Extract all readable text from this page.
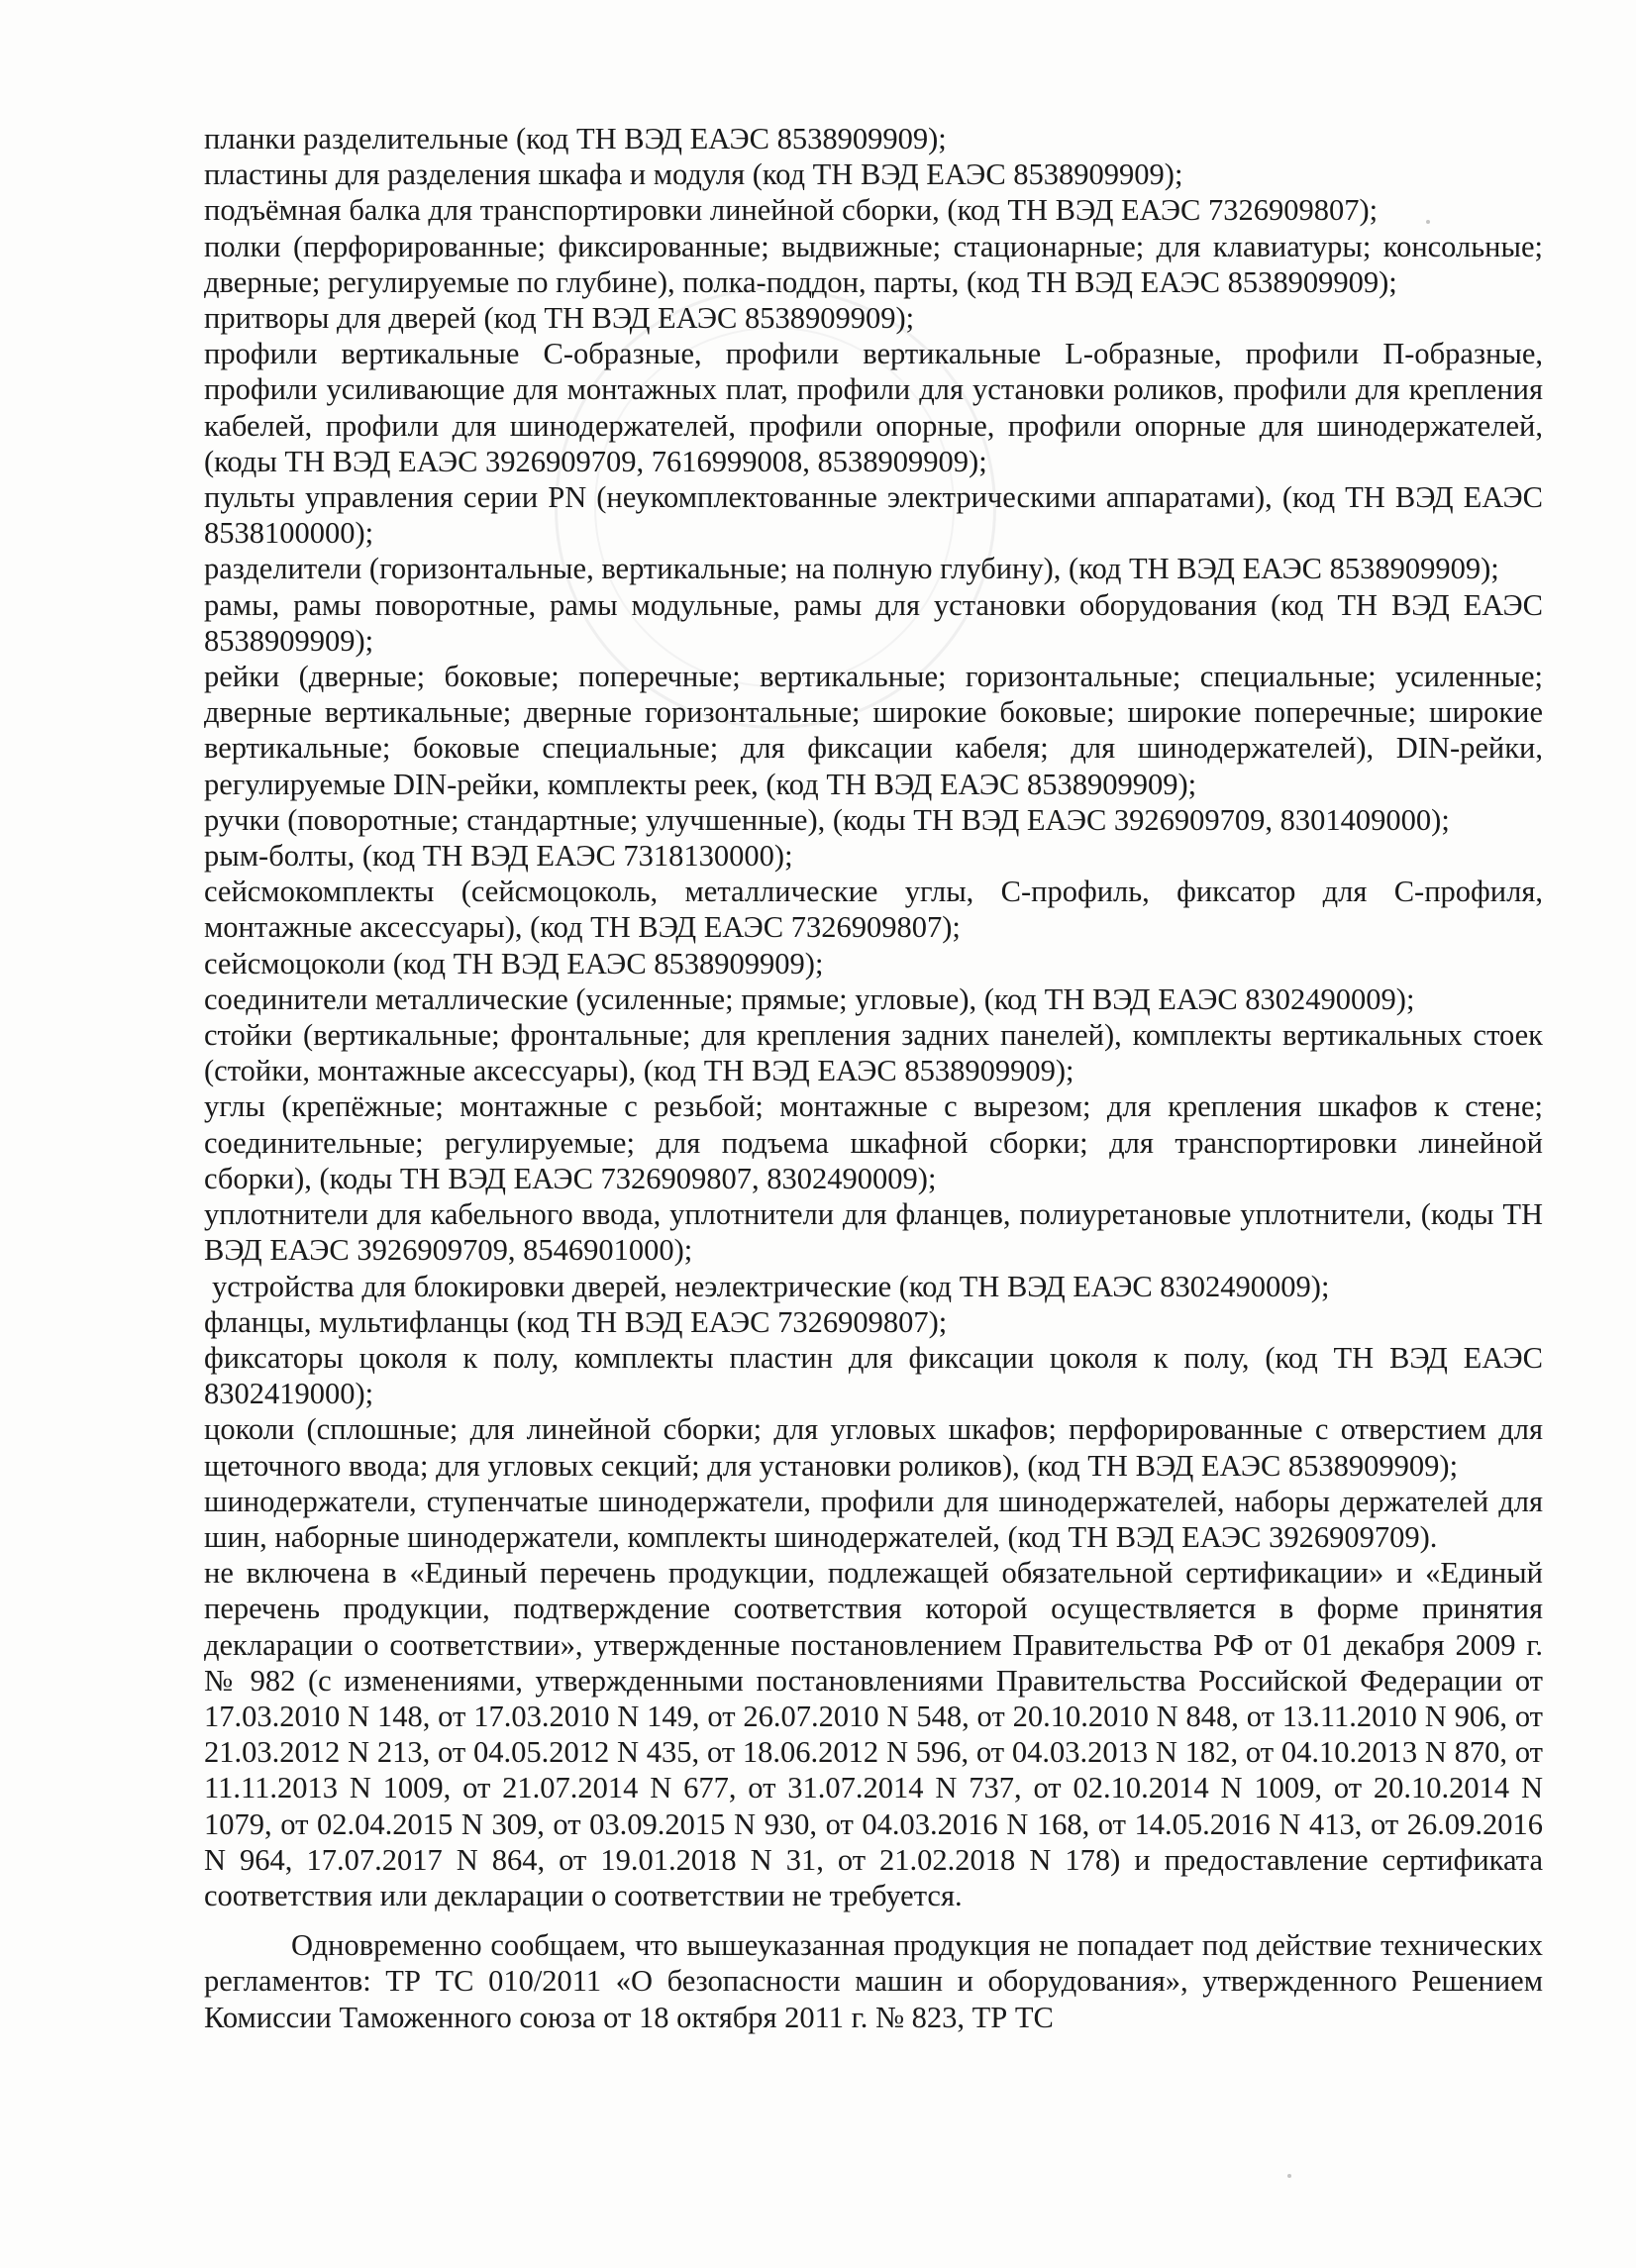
планки разделительные (код ТН ВЭД ЕАЭС 8538909909);

пластины для разделения шкафа и модуля (код ТН ВЭД ЕАЭС 8538909909);

подъёмная балка для транспортировки линейной сборки, (код ТН ВЭД ЕАЭС 7326909807);

полки (перфорированные; фиксированные; выдвижные; стационарные; для клавиатуры; консольные; дверные; регулируемые по глубине), полка-поддон, парты, (код ТН ВЭД ЕАЭС 8538909909);

притворы для дверей (код ТН ВЭД ЕАЭС 8538909909);

профили вертикальные C-образные, профили вертикальные L-образные, профили П-образные, профили усиливающие для монтажных плат, профили для установки роликов, профили для крепления кабелей, профили для шинодержателей, профили опорные, профили опорные для шинодержателей, (коды ТН ВЭД ЕАЭС 3926909709, 7616999008, 8538909909);

пульты управления серии PN (неукомплектованные электрическими аппаратами), (код ТН ВЭД ЕАЭС 8538100000);

разделители (горизонтальные, вертикальные; на полную глубину), (код ТН ВЭД ЕАЭС 8538909909);

рамы, рамы поворотные, рамы модульные, рамы для установки оборудования (код ТН ВЭД ЕАЭС 8538909909);

рейки (дверные; боковые; поперечные; вертикальные; горизонтальные; специальные; усиленные; дверные вертикальные; дверные горизонтальные; широкие боковые; широкие поперечные; широкие вертикальные; боковые специальные; для фиксации кабеля; для шинодержателей), DIN-рейки, регулируемые DIN-рейки, комплекты реек, (код ТН ВЭД ЕАЭС 8538909909);

ручки (поворотные; стандартные; улучшенные), (коды ТН ВЭД ЕАЭС 3926909709, 8301409000);

рым-болты, (код ТН ВЭД ЕАЭС 7318130000);

сейсмокомплекты (сейсмоцоколь, металлические углы, С-профиль, фиксатор для С-профиля, монтажные аксессуары), (код ТН ВЭД ЕАЭС 7326909807);

сейсмоцоколи (код ТН ВЭД ЕАЭС 8538909909);

соединители металлические (усиленные; прямые; угловые), (код ТН ВЭД ЕАЭС 8302490009);

стойки (вертикальные; фронтальные; для крепления задних панелей), комплекты вертикальных стоек (стойки, монтажные аксессуары), (код ТН ВЭД ЕАЭС 8538909909);

углы (крепёжные; монтажные с резьбой; монтажные с вырезом; для крепления шкафов к стене; соединительные; регулируемые; для подъема шкафной сборки; для транспортировки линейной сборки), (коды ТН ВЭД ЕАЭС 7326909807, 8302490009);

уплотнители для кабельного ввода, уплотнители для фланцев, полиуретановые уплотнители, (коды ТН ВЭД ЕАЭС 3926909709, 8546901000);

устройства для блокировки дверей, неэлектрические (код ТН ВЭД ЕАЭС 8302490009);

фланцы, мультифланцы (код ТН ВЭД ЕАЭС 7326909807);

фиксаторы цоколя к полу, комплекты пластин для фиксации цоколя к полу, (код ТН ВЭД ЕАЭС 8302419000);

цоколи (сплошные; для линейной сборки; для угловых шкафов; перфорированные с отверстием для щеточного ввода; для угловых секций; для установки роликов), (код ТН ВЭД ЕАЭС 8538909909);

шинодержатели, ступенчатые шинодержатели, профили для шинодержателей, наборы держателей для шин, наборные шинодержатели, комплекты шинодержателей, (код ТН ВЭД ЕАЭС 3926909709).

не включена в «Единый перечень продукции, подлежащей обязательной сертификации» и «Единый перечень продукции, подтверждение соответствия которой осуществляется в форме принятия декларации о соответствии», утвержденные постановлением Правительства РФ от 01 декабря 2009 г. № 982 (с изменениями, утвержденными постановлениями Правительства Российской Федерации от 17.03.2010 N 148, от 17.03.2010 N 149, от 26.07.2010 N 548, от 20.10.2010 N 848, от 13.11.2010 N 906, от 21.03.2012 N 213, от 04.05.2012 N 435, от 18.06.2012 N 596, от 04.03.2013 N 182, от 04.10.2013 N 870, от 11.11.2013 N 1009, от 21.07.2014 N 677, от 31.07.2014 N 737, от 02.10.2014 N 1009, от 20.10.2014 N 1079, от 02.04.2015 N 309, от 03.09.2015 N 930, от 04.03.2016 N 168, от 14.05.2016 N 413, от 26.09.2016 N 964, 17.07.2017 N 864, от 19.01.2018 N 31, от 21.02.2018 N 178) и предоставление сертификата соответствия или декларации о соответствии не требуется.

Одновременно сообщаем, что вышеуказанная продукция не попадает под действие технических регламентов: ТР ТС 010/2011 «О безопасности машин и оборудования», утвержденного Решением Комиссии Таможенного союза от 18 октября 2011 г. № 823, ТР ТС
